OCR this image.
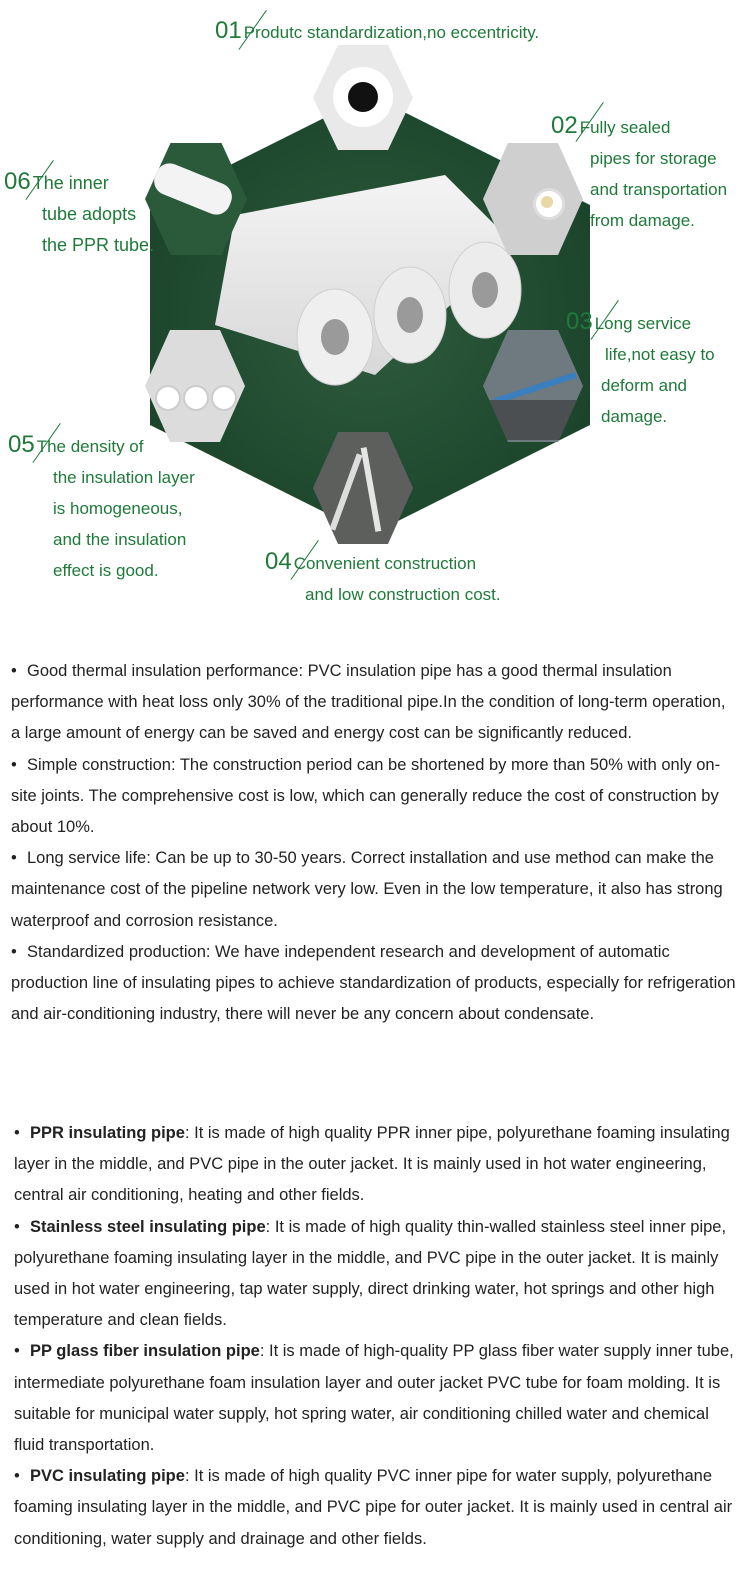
01 Produtc standardization,no eccentricity.
02 Fully sealed
pipes for storage
and transportation
from damage.
03 Long service
life,not easy to
deform and
damage.
04 Convenient construction
and low construction cost.
05 The density of
the insulation layer
is homogeneous,
and the insulation
effect is good.
06 The inner
tube adopts
the PPR tube.

• Good thermal insulation performance: PVC insulation pipe has a good thermal insulation performance with heat loss only 30% of the traditional pipe.In the condition of long-term operation, a large amount of energy can be saved and energy cost can be significantly reduced.

• Simple construction: The construction period can be shortened by more than 50% with only on-site joints. The comprehensive cost is low, which can generally reduce the cost of construction by about 10%.

• Long service life: Can be up to 30-50 years. Correct installation and use method can make the maintenance cost of the pipeline network very low. Even in the low temperature, it also has strong waterproof and corrosion resistance.

• Standardized production: We have independent research and development of automatic production line of insulating pipes to achieve standardization of products, especially for refrigeration and air-conditioning industry, there will never be any concern about condensate.

• PPR insulating pipe: It is made of high quality PPR inner pipe, polyurethane foaming insulating layer in the middle, and PVC pipe in the outer jacket. It is mainly used in hot water engineering, central air conditioning, heating and other fields.

• Stainless steel insulating pipe: It is made of high quality thin-walled stainless steel inner pipe, polyurethane foaming insulating layer in the middle, and PVC pipe in the outer jacket. It is mainly used in hot water engineering, tap water supply, direct drinking water, hot springs and other high temperature and clean fields.

• PP glass fiber insulation pipe: It is made of high-quality PP glass fiber water supply inner tube, intermediate polyurethane foam insulation layer and outer jacket PVC tube for foam molding. It is suitable for municipal water supply, hot spring water, air conditioning chilled water and chemical fluid transportation.

• PVC insulating pipe: It is made of high quality PVC inner pipe for water supply, polyurethane foaming insulating layer in the middle, and PVC pipe for outer jacket. It is mainly used in central air conditioning, water supply and drainage and other fields.
